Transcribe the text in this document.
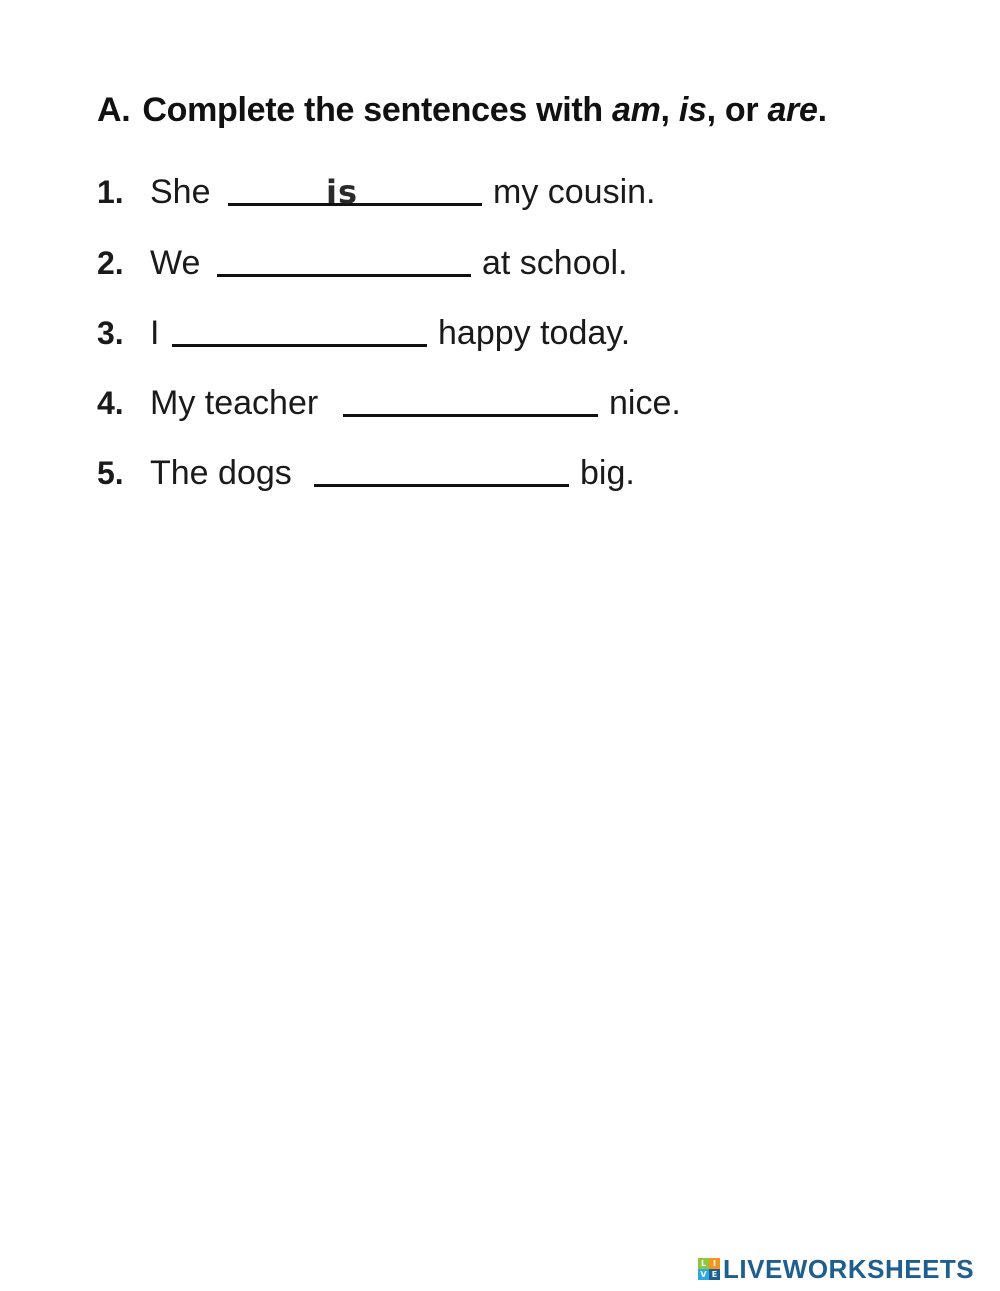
A. Complete the sentences with am, is, or are.
1. She	is	my cousin.
2. We	at school.
3. I	happy today.
4. My teacher	nice.
5. The dogs	big.
L I
V E LIVEWORKSHEETS
